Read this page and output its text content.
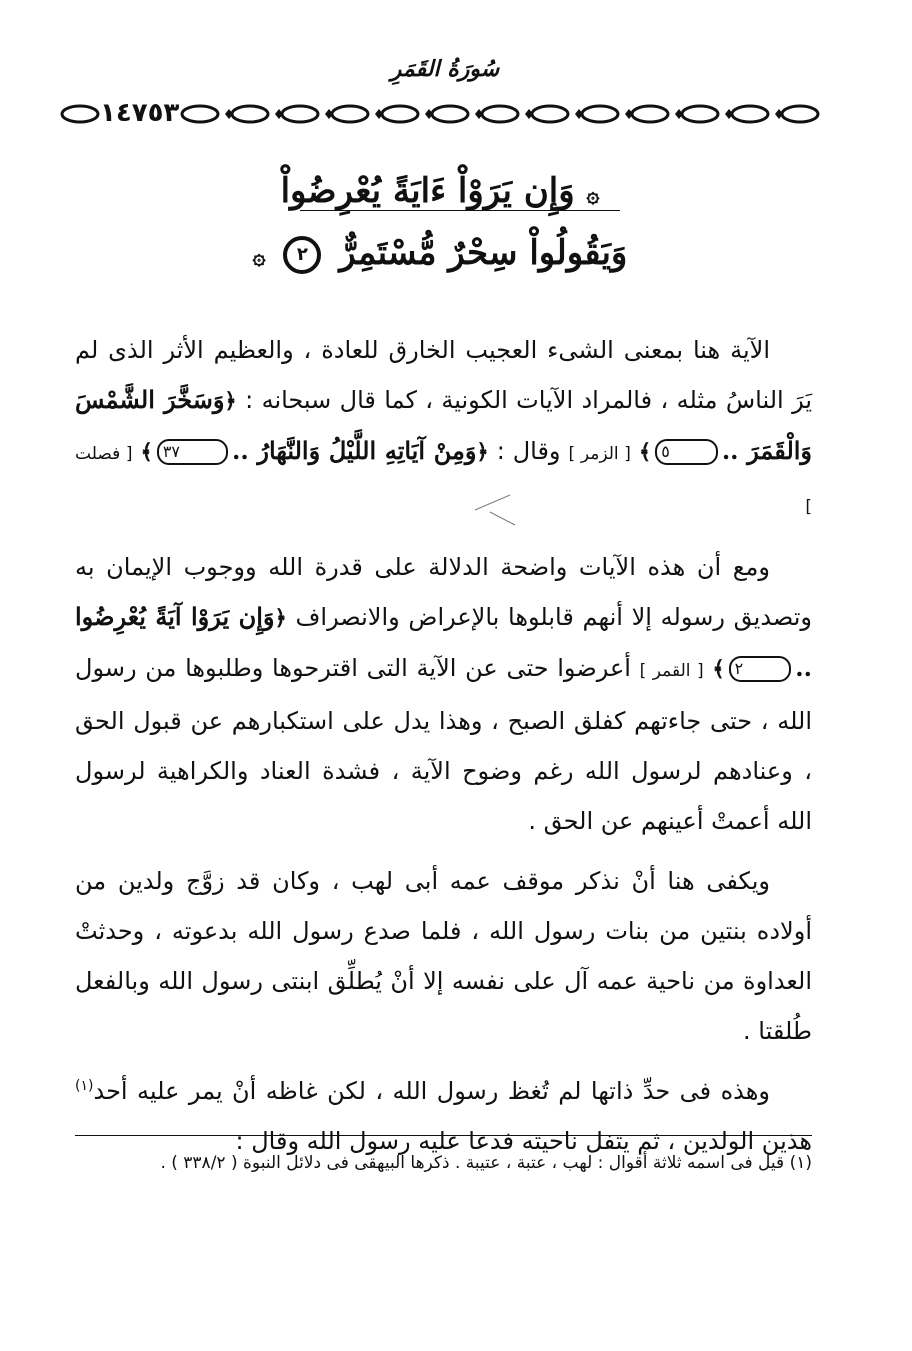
سُورَةُ القَمَرِ
١٤٧٥٣
۞ وَإِن يَرَوْاْ ءَايَةً يُعْرِضُواْ
وَيَقُولُواْ سِحْرٌ مُّسْتَمِرٌّ ٢ ۞

الآية هنا بمعنى الشىء العجيب الخارق للعادة ، والعظيم الأثر الذى لم يَرَ الناسُ مثله ، فالمراد الآيات الكونية ، كما قال سبحانه : ﴿وَسَخَّرَ الشَّمْسَ وَالْقَمَرَ ..٥﴾ [ الزمر ] وقال : ﴿وَمِنْ آيَاتِهِ اللَّيْلُ وَالنَّهَارُ ..٣٧﴾ [ فصلت ]

ومع أن هذه الآيات واضحة الدلالة على قدرة الله ووجوب الإيمان به وتصديق رسوله إلا أنهم قابلوها بالإعراض والانصراف ﴿وَإِن يَرَوْا آيَةً يُعْرِضُوا ..٢﴾ [ القمر ] أعرضوا حتى عن الآية التى اقترحوها وطلبوها من رسول الله ، حتى جاءتهم كفلق الصبح ، وهذا يدل على استكبارهم عن قبول الحق ، وعنادهم لرسول الله رغم وضوح الآية ، فشدة العناد والكراهية لرسول الله أعمتْ أعينهم عن الحق .

ويكفى هنا أنْ نذكر موقف عمه أبى لهب ، وكان قد زوَّج ولدين من أولاده بنتين من بنات رسول الله ، فلما صدع رسول الله بدعوته ، وحدثتْ العداوة من ناحية عمه آل على نفسه إلا أنْ يُطلِّق ابنتى رسول الله وبالفعل طُلقتا .

وهذه فى حدِّ ذاتها لم تُغظ رسول الله ، لكن غاظه أنْ يمر عليه أحد$^{(١)}$ هذين الولدين ، ثم يتفل ناحيته فدعا عليه رسول الله وقال :

(١) قيل فى اسمه ثلاثة أقوال : لهب ، عتبة ، عتيبة . ذكرها البيهقى فى دلائل النبوة ( ٣٣٨/٢ ) .
